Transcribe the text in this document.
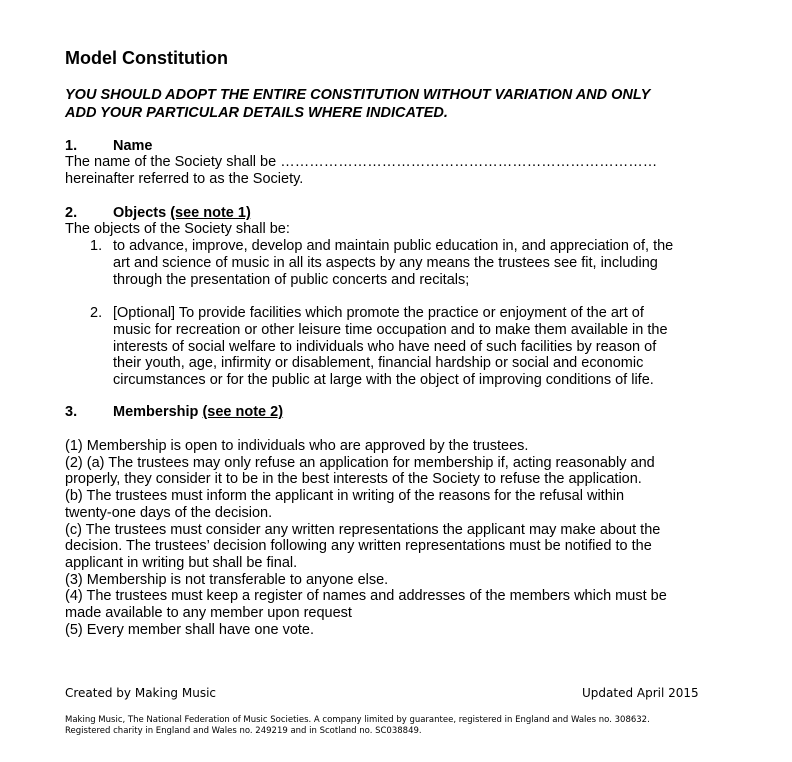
Model Constitution
YOU SHOULD ADOPT THE ENTIRE CONSTITUTION WITHOUT VARIATION AND ONLY
ADD YOUR PARTICULAR DETAILS WHERE INDICATED.
1. Name
The name of the Society shall be ……………………………………………………………………
hereinafter referred to as the Society.
2. Objects (see note 1)
The objects of the Society shall be:
1. to advance, improve, develop and maintain public education in, and appreciation of, the
art and science of music in all its aspects by any means the trustees see fit, including
through the presentation of public concerts and recitals;
2. [Optional] To provide facilities which promote the practice or enjoyment of the art of
music for recreation or other leisure time occupation and to make them available in the
interests of social welfare to individuals who have need of such facilities by reason of
their youth, age, infirmity or disablement, financial hardship or social and economic
circumstances or for the public at large with the object of improving conditions of life.
3. Membership (see note 2)
(1) Membership is open to individuals who are approved by the trustees.
(2) (a) The trustees may only refuse an application for membership if, acting reasonably and
properly, they consider it to be in the best interests of the Society to refuse the application.
(b) The trustees must inform the applicant in writing of the reasons for the refusal within
twenty-one days of the decision.
(c) The trustees must consider any written representations the applicant may make about the
decision. The trustees’ decision following any written representations must be notified to the
applicant in writing but shall be final.
(3) Membership is not transferable to anyone else.
(4) The trustees must keep a register of names and addresses of the members which must be
made available to any member upon request
(5) Every member shall have one vote.
Created by Making Music	Updated April 2015
Making Music, The National Federation of Music Societies. A company limited by guarantee, registered in England and Wales no. 308632.
Registered charity in England and Wales no. 249219 and in Scotland no. SC038849.
